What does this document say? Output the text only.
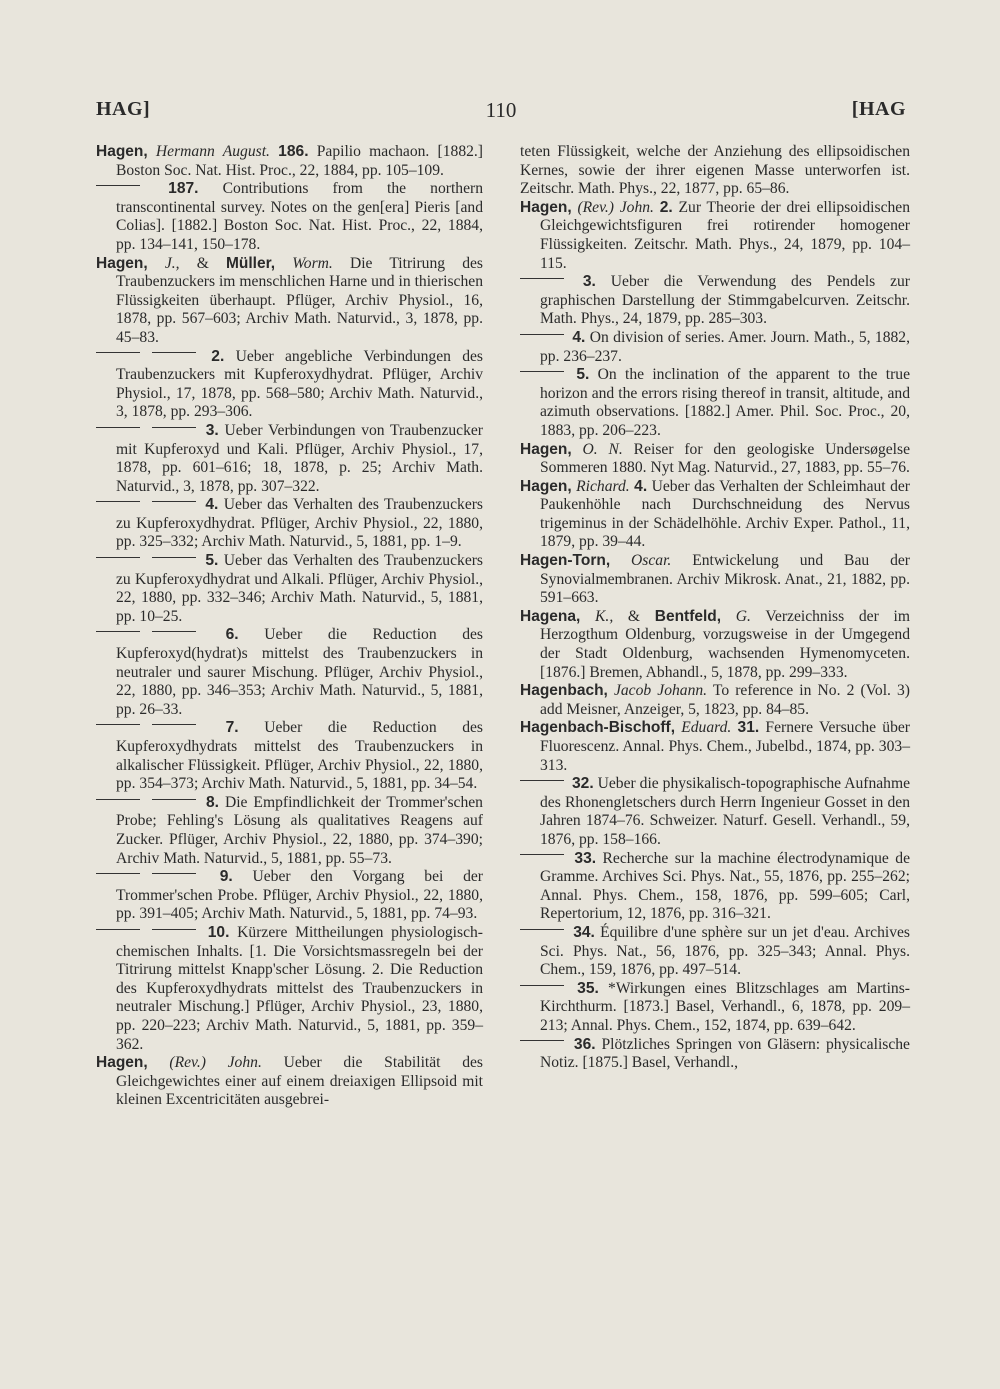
HAG]	110	[HAG

Hagen, Hermann August. 186. Papilio machaon. [1882.] Boston Soc. Nat. Hist. Proc., 22, 1884, pp. 105–109.

187. Contributions from the northern transcontinental survey. Notes on the gen[era] Pieris [and Colias]. [1882.] Boston Soc. Nat. Hist. Proc., 22, 1884, pp. 134–141, 150–178.

Hagen, J., & Müller, Worm. Die Titrirung des Traubenzuckers im menschlichen Harne und in thierischen Flüssigkeiten überhaupt. Pflüger, Archiv Physiol., 16, 1878, pp. 567–603; Archiv Math. Naturvid., 3, 1878, pp. 45–83.

2. Ueber angebliche Verbindungen des Traubenzuckers mit Kupferoxydhydrat. Pflüger, Archiv Physiol., 17, 1878, pp. 568–580; Archiv Math. Naturvid., 3, 1878, pp. 293–306.

3. Ueber Verbindungen von Traubenzucker mit Kupferoxyd und Kali. Pflüger, Archiv Physiol., 17, 1878, pp. 601–616; 18, 1878, p. 25; Archiv Math. Naturvid., 3, 1878, pp. 307–322.

4. Ueber das Verhalten des Traubenzuckers zu Kupferoxydhydrat. Pflüger, Archiv Physiol., 22, 1880, pp. 325–332; Archiv Math. Naturvid., 5, 1881, pp. 1–9.

5. Ueber das Verhalten des Traubenzuckers zu Kupferoxydhydrat und Alkali. Pflüger, Archiv Physiol., 22, 1880, pp. 332–346; Archiv Math. Naturvid., 5, 1881, pp. 10–25.

6. Ueber die Reduction des Kupferoxyd(hydrat)s mittelst des Traubenzuckers in neutraler und saurer Mischung. Pflüger, Archiv Physiol., 22, 1880, pp. 346–353; Archiv Math. Naturvid., 5, 1881, pp. 26–33.

7. Ueber die Reduction des Kupferoxydhydrats mittelst des Traubenzuckers in alkalischer Flüssigkeit. Pflüger, Archiv Physiol., 22, 1880, pp. 354–373; Archiv Math. Naturvid., 5, 1881, pp. 34–54.

8. Die Empfindlichkeit der Trommer'schen Probe; Fehling's Lösung als qualitatives Reagens auf Zucker. Pflüger, Archiv Physiol., 22, 1880, pp. 374–390; Archiv Math. Naturvid., 5, 1881, pp. 55–73.

9. Ueber den Vorgang bei der Trommer'schen Probe. Pflüger, Archiv Physiol., 22, 1880, pp. 391–405; Archiv Math. Naturvid., 5, 1881, pp. 74–93.

10. Kürzere Mittheilungen physiologisch-chemischen Inhalts. [1. Die Vorsichtsmassregeln bei der Titrirung mittelst Knapp'scher Lösung. 2. Die Reduction des Kupferoxydhydrats mittelst des Traubenzuckers in neutraler Mischung.] Pflüger, Archiv Physiol., 23, 1880, pp. 220–223; Archiv Math. Naturvid., 5, 1881, pp. 359–362.

Hagen, (Rev.) John. Ueber die Stabilität des Gleichgewichtes einer auf einem dreiaxigen Ellipsoid mit kleinen Excentricitäten ausgebrei-

teten Flüssigkeit, welche der Anziehung des ellipsoidischen Kernes, sowie der ihrer eigenen Masse unterworfen ist. Zeitschr. Math. Phys., 22, 1877, pp. 65–86.

Hagen, (Rev.) John. 2. Zur Theorie der drei ellipsoidischen Gleichgewichtsfiguren frei rotirender homogener Flüssigkeiten. Zeitschr. Math. Phys., 24, 1879, pp. 104–115.

3. Ueber die Verwendung des Pendels zur graphischen Darstellung der Stimmgabelcurven. Zeitschr. Math. Phys., 24, 1879, pp. 285–303.

4. On division of series. Amer. Journ. Math., 5, 1882, pp. 236–237.

5. On the inclination of the apparent to the true horizon and the errors rising thereof in transit, altitude, and azimuth observations. [1882.] Amer. Phil. Soc. Proc., 20, 1883, pp. 206–223.

Hagen, O. N. Reiser for den geologiske Undersøgelse Sommeren 1880. Nyt Mag. Naturvid., 27, 1883, pp. 55–76.

Hagen, Richard. 4. Ueber das Verhalten der Schleimhaut der Paukenhöhle nach Durchschneidung des Nervus trigeminus in der Schädelhöhle. Archiv Exper. Pathol., 11, 1879, pp. 39–44.

Hagen-Torn, Oscar. Entwickelung und Bau der Synovialmembranen. Archiv Mikrosk. Anat., 21, 1882, pp. 591–663.

Hagena, K., & Bentfeld, G. Verzeichniss der im Herzogthum Oldenburg, vorzugsweise in der Umgegend der Stadt Oldenburg, wachsenden Hymenomyceten. [1876.] Bremen, Abhandl., 5, 1878, pp. 299–333.

Hagenbach, Jacob Johann. To reference in No. 2 (Vol. 3) add Meisner, Anzeiger, 5, 1823, pp. 84–85.

Hagenbach-Bischoff, Eduard. 31. Fernere Versuche über Fluorescenz. Annal. Phys. Chem., Jubelbd., 1874, pp. 303–313.

32. Ueber die physikalisch-topographische Aufnahme des Rhonengletschers durch Herrn Ingenieur Gosset in den Jahren 1874–76. Schweizer. Naturf. Gesell. Verhandl., 59, 1876, pp. 158–166.

33. Recherche sur la machine électrodynamique de Gramme. Archives Sci. Phys. Nat., 55, 1876, pp. 255–262; Annal. Phys. Chem., 158, 1876, pp. 599–605; Carl, Repertorium, 12, 1876, pp. 316–321.

34. Équilibre d'une sphère sur un jet d'eau. Archives Sci. Phys. Nat., 56, 1876, pp. 325–343; Annal. Phys. Chem., 159, 1876, pp. 497–514.

35. *Wirkungen eines Blitzschlages am Martins-Kirchthurm. [1873.] Basel, Verhandl., 6, 1878, pp. 209–213; Annal. Phys. Chem., 152, 1874, pp. 639–642.

36. Plötzliches Springen von Gläsern: physicalische Notiz. [1875.] Basel, Verhandl.,
